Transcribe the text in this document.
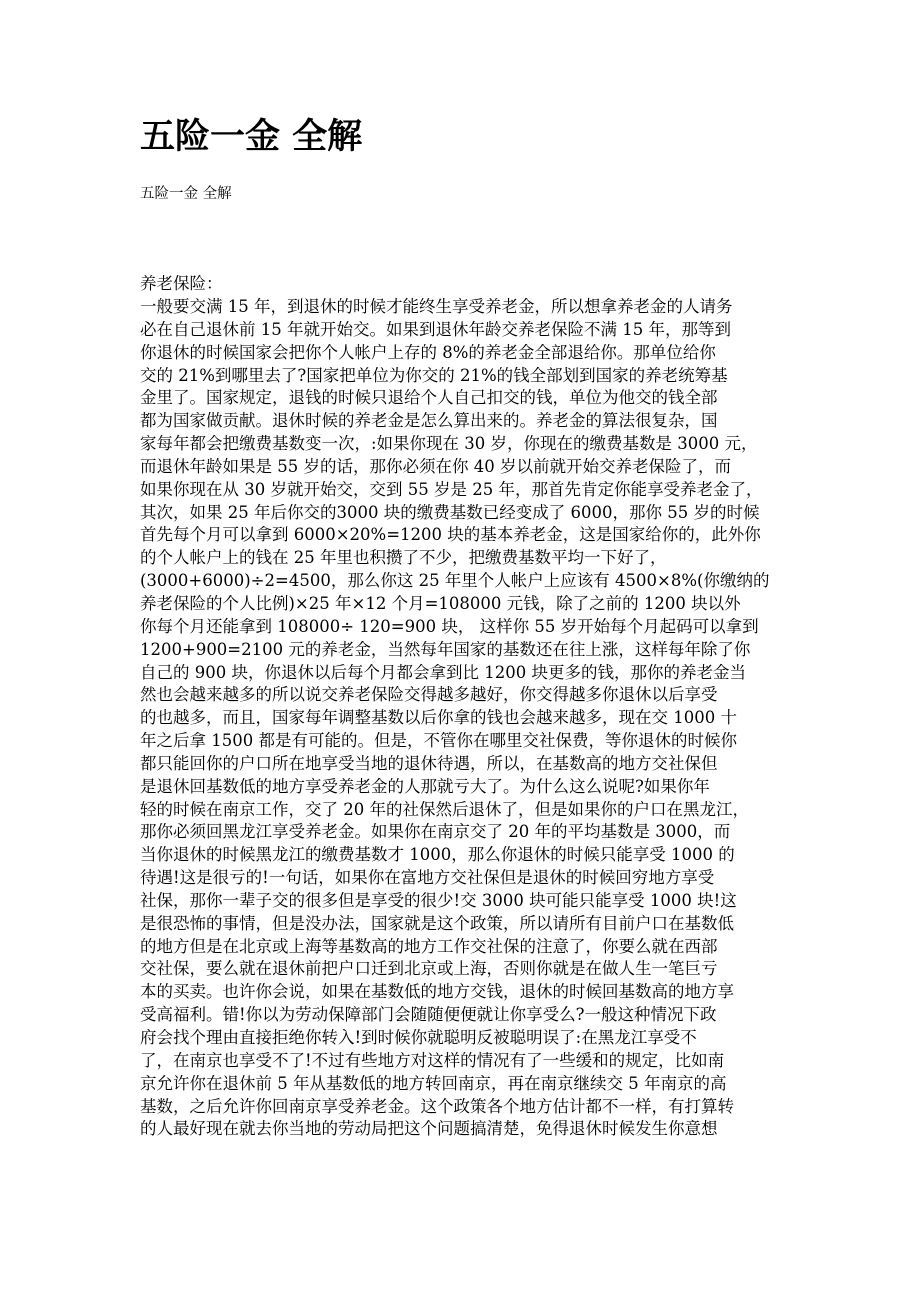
五险一金 全解
五险一金 全解
养老保险：
一般要交满 15 年，到退休的时候才能终生享受养老金，所以想拿养老金的人请务
必在自己退休前 15 年就开始交。如果到退休年龄交养老保险不满 15 年，那等到
你退休的时候国家会把你个人帐户上存的 8%的养老金全部退给你。那单位给你
交的 21%到哪里去了?国家把单位为你交的 21%的钱全部划到国家的养老统筹基
金里了。国家规定，退钱的时候只退给个人自己扣交的钱，单位为他交的钱全部
都为国家做贡献。退休时候的养老金是怎么算出来的。养老金的算法很复杂，国
家每年都会把缴费基数变一次，:如果你现在 30 岁，你现在的缴费基数是 3000 元，
而退休年龄如果是 55 岁的话，那你必须在你 40 岁以前就开始交养老保险了，而
如果你现在从 30 岁就开始交，交到 55 岁是 25 年，那首先肯定你能享受养老金了，
其次，如果 25 年后你交的3000 块的缴费基数已经变成了 6000，那你 55 岁的时候
首先每个月可以拿到 6000×20%=1200 块的基本养老金，这是国家给你的，此外你
的个人帐户上的钱在 25 年里也积攒了不少，把缴费基数平均一下好了，
(3000+6000)÷2=4500，那么你这 25 年里个人帐户上应该有 4500×8%(你缴纳的
养老保险的个人比例)×25 年×12 个月=108000 元钱，除了之前的 1200 块以外
你每个月还能拿到 108000÷ 120=900 块， 这样你 55 岁开始每个月起码可以拿到
1200+900=2100 元的养老金，当然每年国家的基数还在往上涨，这样每年除了你
自己的 900 块，你退休以后每个月都会拿到比 1200 块更多的钱，那你的养老金当
然也会越来越多的所以说交养老保险交得越多越好，你交得越多你退休以后享受
的也越多，而且，国家每年调整基数以后你拿的钱也会越来越多，现在交 1000 十
年之后拿 1500 都是有可能的。但是，不管你在哪里交社保费，等你退休的时候你
都只能回你的户口所在地享受当地的退休待遇，所以，在基数高的地方交社保但
是退休回基数低的地方享受养老金的人那就亏大了。为什么这么说呢?如果你年
轻的时候在南京工作，交了 20 年的社保然后退休了，但是如果你的户口在黑龙江，
那你必须回黑龙江享受养老金。如果你在南京交了 20 年的平均基数是 3000，而
当你退休的时候黑龙江的缴费基数才 1000，那么你退休的时候只能享受 1000 的
待遇!这是很亏的!一句话，如果你在富地方交社保但是退休的时候回穷地方享受
社保，那你一辈子交的很多但是享受的很少!交 3000 块可能只能享受 1000 块!这
是很恐怖的事情，但是没办法，国家就是这个政策，所以请所有目前户口在基数低
的地方但是在北京或上海等基数高的地方工作交社保的注意了，你要么就在西部
交社保，要么就在退休前把户口迁到北京或上海，否则你就是在做人生一笔巨亏
本的买卖。也许你会说，如果在基数低的地方交钱，退休的时候回基数高的地方享
受高福利。错!你以为劳动保障部门会随随便便就让你享受么?一般这种情况下政
府会找个理由直接拒绝你转入!到时候你就聪明反被聪明误了:在黑龙江享受不
了，在南京也享受不了!不过有些地方对这样的情况有了一些缓和的规定，比如南
京允许你在退休前 5 年从基数低的地方转回南京，再在南京继续交 5 年南京的高
基数，之后允许你回南京享受养老金。这个政策各个地方估计都不一样，有打算转
的人最好现在就去你当地的劳动局把这个问题搞清楚，免得退休时候发生你意想
